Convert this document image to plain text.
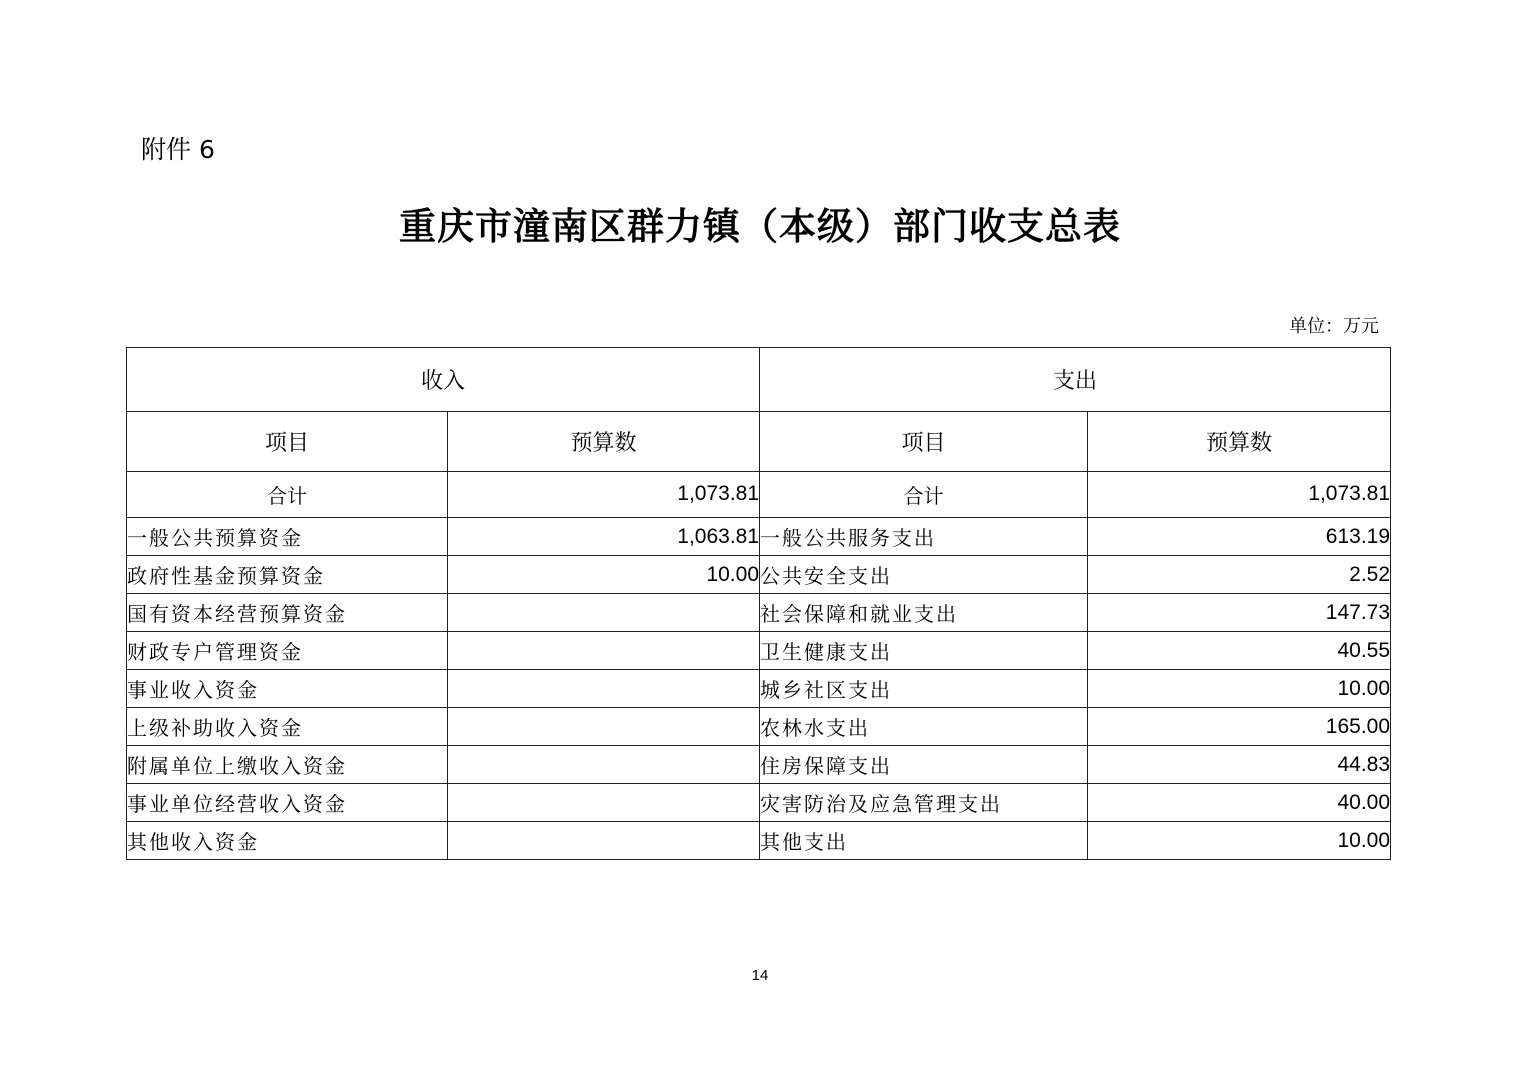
附件 6
重庆市潼南区群力镇（本级）部门收支总表
单位：万元
收入		支出	
项目	预算数	项目	预算数
合计	1,073.81	合计	1,073.81
一般公共预算资金	1,063.81	一般公共服务支出	613.19
政府性基金预算资金	10.00	公共安全支出	2.52
国有资本经营预算资金		社会保障和就业支出	147.73
财政专户管理资金		卫生健康支出	40.55
事业收入资金		城乡社区支出	10.00
上级补助收入资金		农林水支出	165.00
附属单位上缴收入资金		住房保障支出	44.83
事业单位经营收入资金		灾害防治及应急管理支出	40.00
其他收入资金		其他支出	10.00
14
